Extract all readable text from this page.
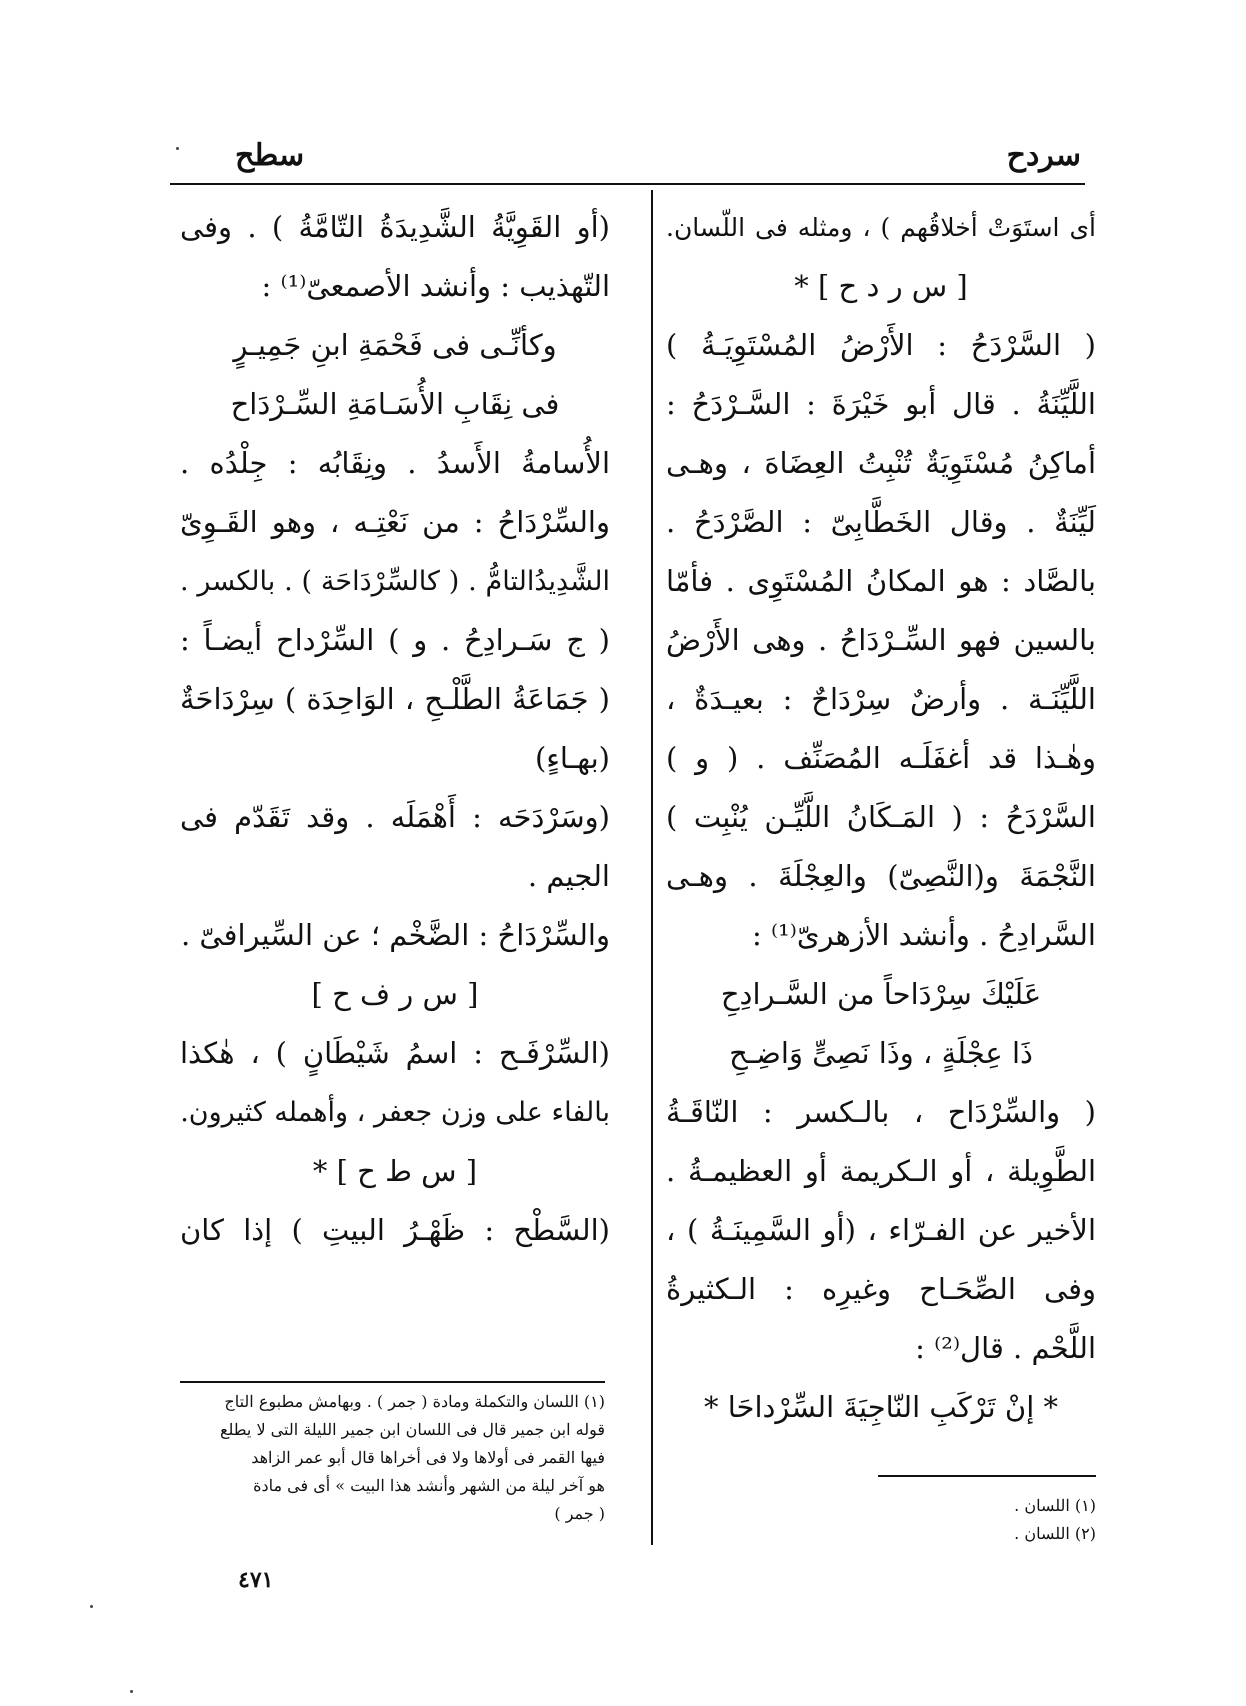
سردح
سطح
أى استَوَتْ أخلاقُهم ) ، ومثله فى اللّسان.
[ س ر د ح ] *
( السَّرْدَحُ : الأَرْضُ المُسْتَوِيَـةُ )
اللَّيِّنَةُ . قال أبو خَيْرَةَ : السَّـرْدَحُ :
أماكِنُ مُسْتَوِيَةٌ تُنْبِتُ العِضَاهَ ، وهـى
لَيِّنَةٌ . وقال الخَطَّابِىّ : الصَّرْدَحُ .
بالصَّاد : هو المكانُ المُسْتَوِى . فأمّا
بالسين فهو السِّـرْدَاحُ . وهى الأَرْضُ
اللَّيِّنَـة . وأرضٌ سِرْدَاحٌ : بعيـدَةٌ ،
وهٰـذا قد أغفَلَـه المُصَنِّف . ( و )
السَّرْدَحُ : ( المَـكَانُ اللَّيِّـن يُنْبِت )
النَّجْمَةَ و(النَّصِىّ) والعِجْلَةَ . وهـى
السَّرادِحُ . وأنشد الأزهرىّ⁽¹⁾ :
عَلَيْكَ سِرْدَاحاً من السَّـرادِحِ
ذَا عِجْلَةٍ ، وذَا نَصِىٍّ وَاضِـحِ
( والسِّرْدَاح ، بالـكسر : النّاقَـةُ
الطَّوِيلة ، أو الـكريمة أو العظيمـةُ .
الأخير عن الفـرّاء ، (أو السَّمِينَـةُ ) ،
وفى الصِّحَـاح وغيرِه : الـكثيرةُ
اللَّحْم . قال⁽²⁾ :
* إنْ تَرْكَبِ النّاجِيَةَ السِّرْداحَا *
(١) اللسان .
(٢) اللسان .
(أو القَوِيَّةُ الشَّدِيدَةُ التّامَّةُ ) . وفى
التّهذيب : وأنشد الأصمعىّ⁽¹⁾ :
وكأنِّـى فى فَحْمَةِ ابنِ جَمِيـرٍ
فى نِقَابِ الأُسَـامَةِ السِّـرْدَاح
الأُسامةُ الأَسدُ . ونِقَابُه : جِلْدُه .
والسِّرْدَاحُ : من نَعْتِـه ، وهو القَـوِىّ
الشَّدِيدُالتامُّ . ( كالسِّرْدَاحَة ) . بالكسر .
( ج سَـرادِحُ . و ) السِّرْداح أيضـاً :
( جَمَاعَةُ الطَّلْـحِ ، الوَاحِدَة ) سِرْدَاحَةٌ
(بهـاءٍ)
(وسَرْدَحَه : أَهْمَلَه . وقد تَقَدّم فى
الجيم .
والسِّرْدَاحُ : الضَّخْم ؛ عن السِّيرافىّ .
[ س ر ف ح ]
(السِّرْفَـح : اسمُ شَيْطَانٍ ) ، هٰكذا
بالفاء على وزن جعفر ، وأهمله كثيرون.
[ س ط ح ] *
(السَّطْح : ظَهْـرُ البيتِ ) إذا كان
(١) اللسان والتكملة ومادة ( جمر ) . وبهامش مطبوع التاج
قوله ابن جمير قال فى اللسان ابن جمير الليلة التى لا يطلع
فيها القمر فى أولاها ولا فى أخراها قال أبو عمر الزاهد
هو آخر ليلة من الشهر وأنشد هذا البيت » أى فى مادة
( جمر )
٤٧١
